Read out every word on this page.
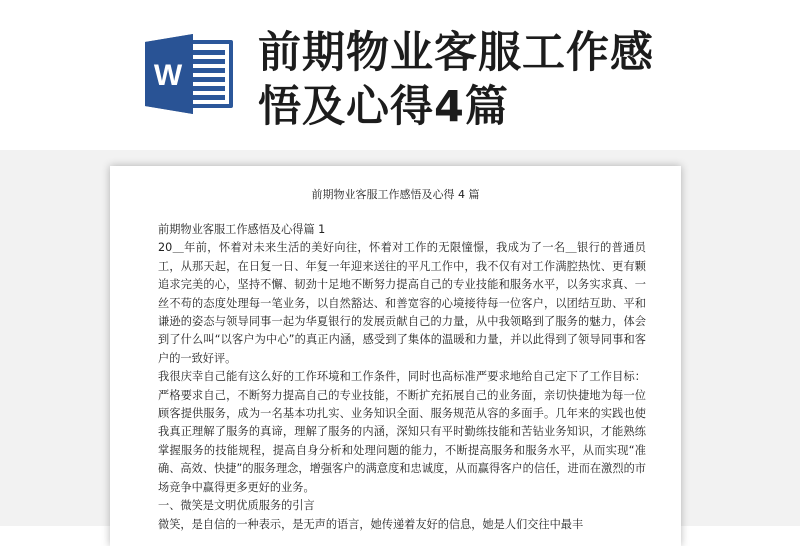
W 前期物业客服工作感
悟及心得4篇
前期物业客服工作感悟及心得 4 篇

前期物业客服工作感悟及心得篇 1

20＿年前，怀着对未来生活的美好向往，怀着对工作的无限憧憬，我成为了一名＿银行的普通员工，从那天起，在日复一日、年复一年迎来送往的平凡工作中，我不仅有对工作满腔热忱、更有颗追求完美的心，坚持不懈、韧劲十足地不断努力提高自己的专业技能和服务水平，以务实求真、一丝不苟的态度处理每一笔业务，以自然豁达、和善宽容的心境接待每一位客户，以团结互助、平和谦逊的姿态与领导同事一起为华夏银行的发展贡献自己的力量，从中我领略到了服务的魅力，体会到了什么叫“以客户为中心”的真正内涵，感受到了集体的温暖和力量，并以此得到了领导同事和客户的一致好评。

我很庆幸自己能有这么好的工作环境和工作条件，同时也高标准严要求地给自己定下了工作目标：严格要求自己，不断努力提高自己的专业技能，不断扩充拓展自己的业务面，亲切快捷地为每一位顾客提供服务，成为一名基本功扎实、业务知识全面、服务规范从容的多面手。几年来的实践也使我真正理解了服务的真谛，理解了服务的内涵，深知只有平时勤练技能和苦钻业务知识，才能熟练掌握服务的技能规程，提高自身分析和处理问题的能力，不断提高服务和服务水平，从而实现“准确、高效、快捷”的服务理念，增强客户的满意度和忠诚度，从而赢得客户的信任，进而在激烈的市场竞争中赢得更多更好的业务。

一、微笑是文明优质服务的引言

微笑，是自信的一种表示，是无声的语言，她传递着友好的信息，她是人们交往中最丰
